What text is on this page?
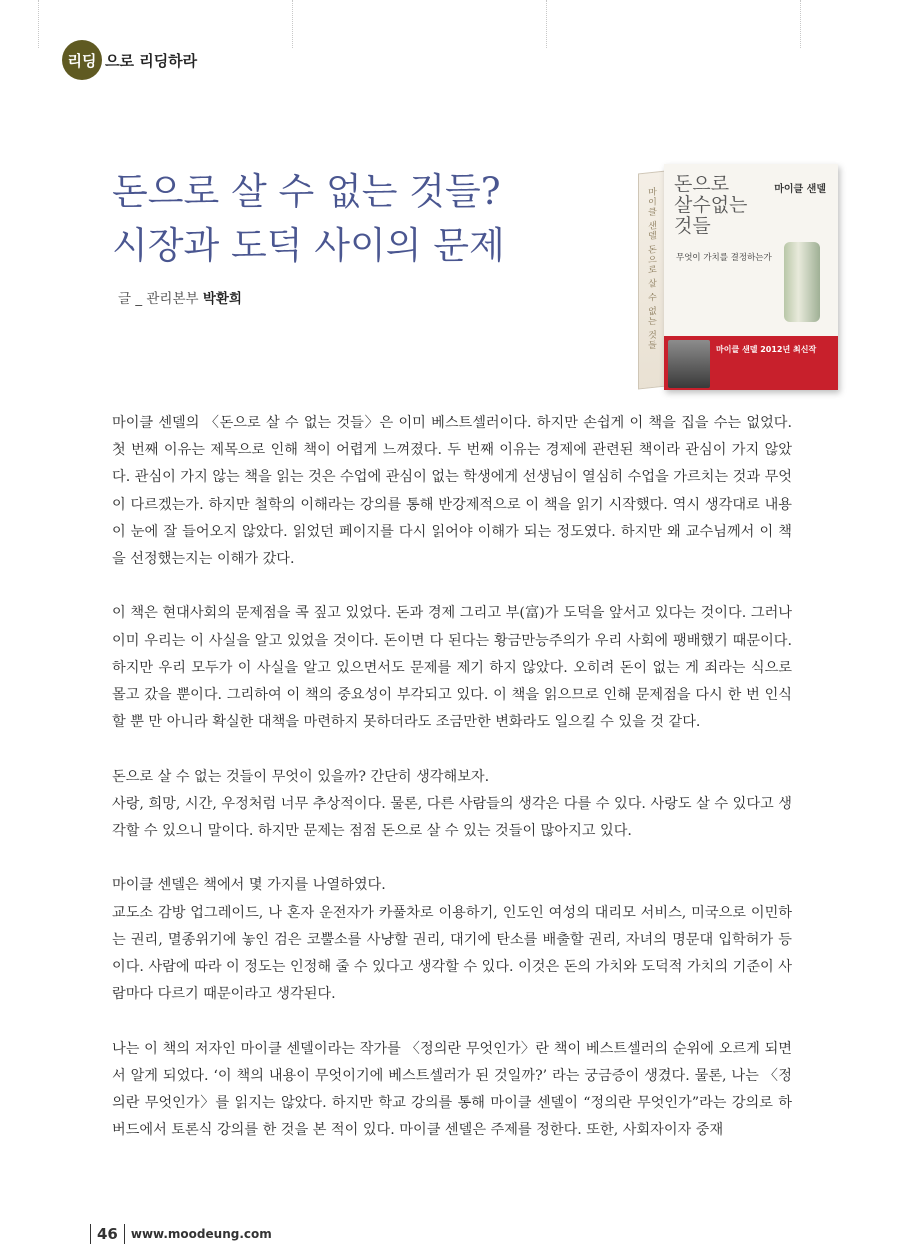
리딩 으로 리딩하라
돈으로 살 수 없는 것들?
시장과 도덕 사이의 문제
글 _ 관리본부 박환희	마이클 샌델 돈으로 살 수 없는 것들
돈으로
살수없는
것들
마이클 샌델
무엇이 가치를 결정하는가
마이클 샌델 2012년 최신작

마이클 센델의 〈돈으로 살 수 없는 것들〉은 이미 베스트셀러이다. 하지만 손쉽게 이 책을 집을 수는 없었다. 첫 번째 이유는 제목으로 인해 책이 어렵게 느껴졌다. 두 번째 이유는 경제에 관련된 책이라 관심이 가지 않았다. 관심이 가지 않는 책을 읽는 것은 수업에 관심이 없는 학생에게 선생님이 열심히 수업을 가르치는 것과 무엇이 다르겠는가. 하지만 철학의 이해라는 강의를 통해 반강제적으로 이 책을 읽기 시작했다. 역시 생각대로 내용이 눈에 잘 들어오지 않았다. 읽었던 페이지를 다시 읽어야 이해가 되는 정도였다. 하지만 왜 교수님께서 이 책을 선정했는지는 이해가 갔다.

이 책은 현대사회의 문제점을 콕 짚고 있었다. 돈과 경제 그리고 부(富)가 도덕을 앞서고 있다는 것이다. 그러나 이미 우리는 이 사실을 알고 있었을 것이다. 돈이면 다 된다는 황금만능주의가 우리 사회에 팽배했기 때문이다. 하지만 우리 모두가 이 사실을 알고 있으면서도 문제를 제기 하지 않았다. 오히려 돈이 없는 게 죄라는 식으로 몰고 갔을 뿐이다. 그리하여 이 책의 중요성이 부각되고 있다. 이 책을 읽으므로 인해 문제점을 다시 한 번 인식할 뿐 만 아니라 확실한 대책을 마련하지 못하더라도 조금만한 변화라도 일으킬 수 있을 것 같다.

돈으로 살 수 없는 것들이 무엇이 있을까? 간단히 생각해보자.
사랑, 희망, 시간, 우정처럼 너무 추상적이다. 물론, 다른 사람들의 생각은 다를 수 있다. 사랑도 살 수 있다고 생각할 수 있으니 말이다. 하지만 문제는 점점 돈으로 살 수 있는 것들이 많아지고 있다.

마이클 센델은 책에서 몇 가지를 나열하였다.
교도소 감방 업그레이드, 나 혼자 운전자가 카풀차로 이용하기, 인도인 여성의 대리모 서비스, 미국으로 이민하는 권리, 멸종위기에 놓인 검은 코뿔소를 사냥할 권리, 대기에 탄소를 배출할 권리, 자녀의 명문대 입학허가 등이다. 사람에 따라 이 정도는 인정해 줄 수 있다고 생각할 수 있다. 이것은 돈의 가치와 도덕적 가치의 기준이 사람마다 다르기 때문이라고 생각된다.

나는 이 책의 저자인 마이클 센델이라는 작가를 〈정의란 무엇인가〉란 책이 베스트셀러의 순위에 오르게 되면서 알게 되었다. ‘이 책의 내용이 무엇이기에 베스트셀러가 된 것일까?’ 라는 궁금증이 생겼다. 물론, 나는 〈정의란 무엇인가〉를 읽지는 않았다. 하지만 학교 강의를 통해 마이클 센델이 “정의란 무엇인가”라는 강의로 하버드에서 토론식 강의를 한 것을 본 적이 있다. 마이클 센델은 주제를 정한다. 또한, 사회자이자 중재

46 www.moodeung.com
